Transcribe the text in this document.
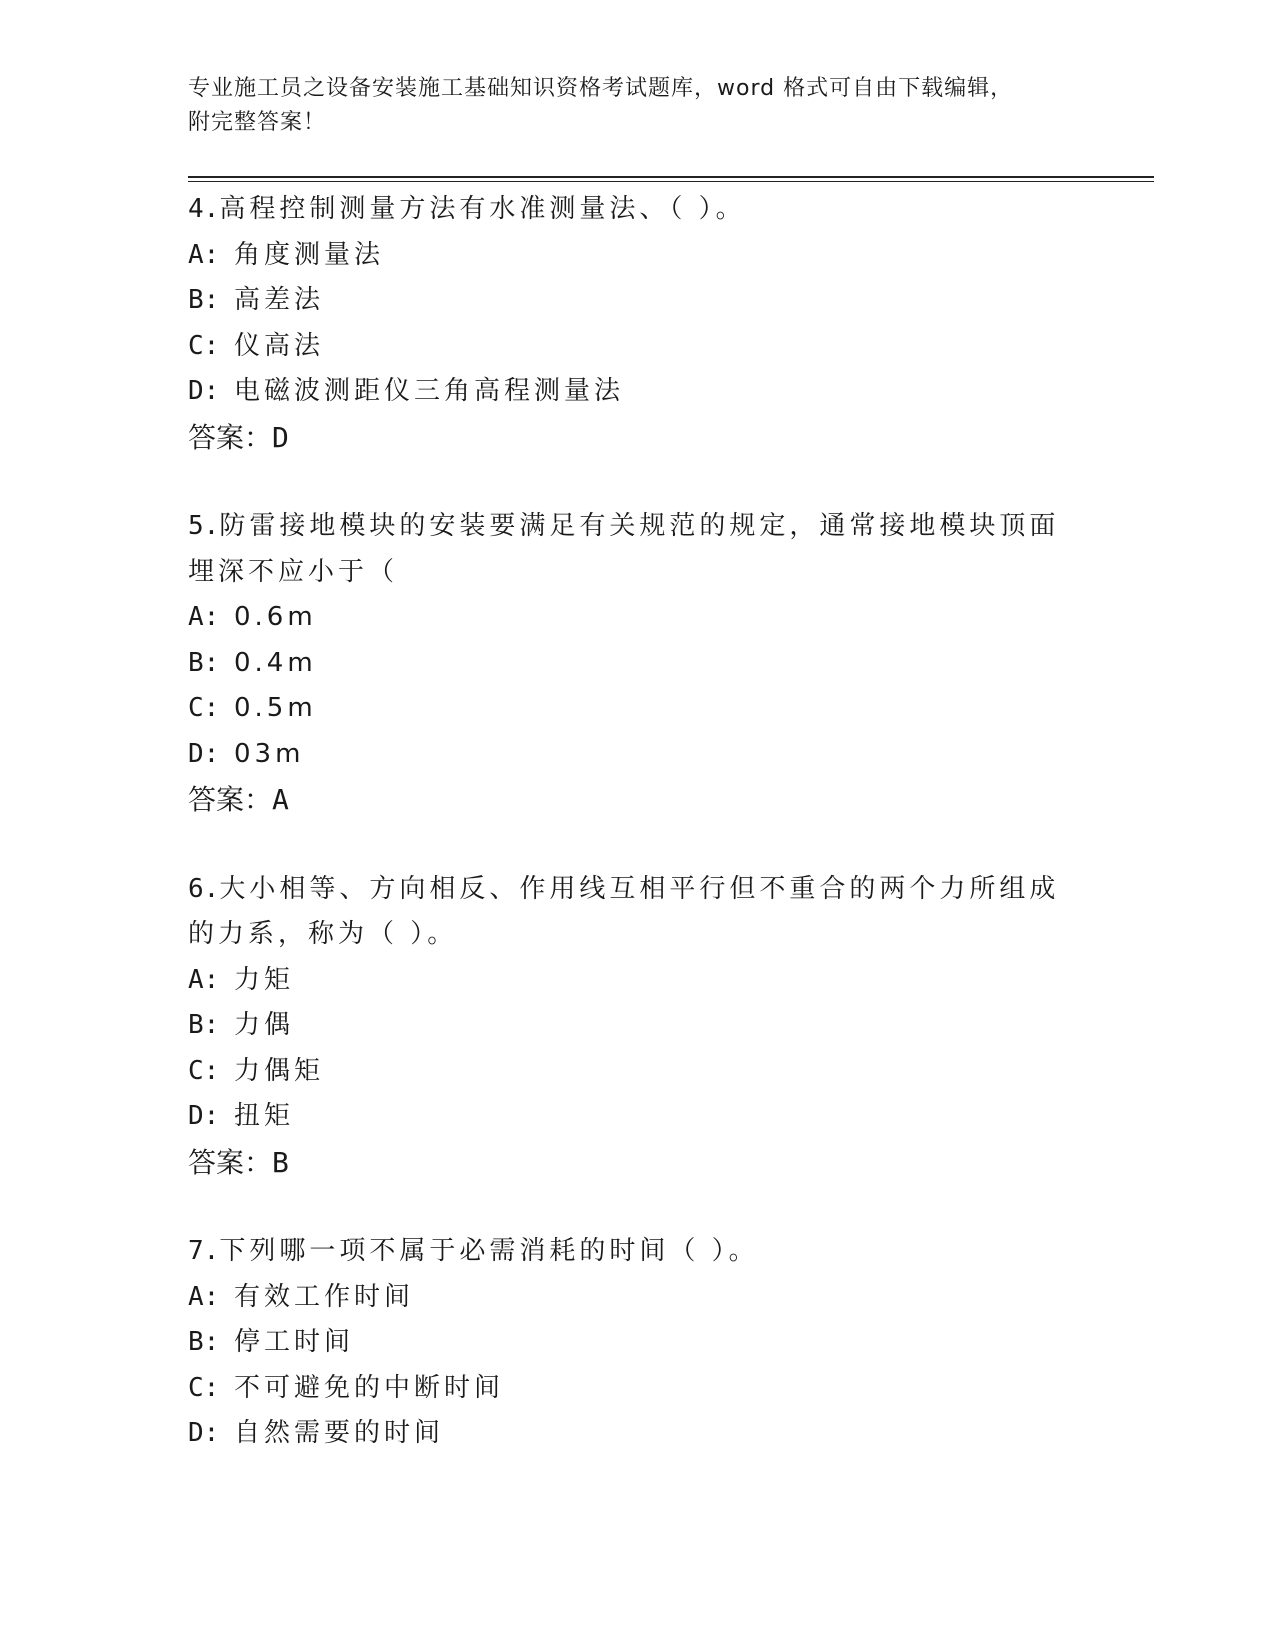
专业施工员之设备安装施工基础知识资格考试题库，word 格式可自由下载编辑，
附完整答案！

4.高程控制测量方法有水准测量法、（ ）。

A: 角度测量法

B: 高差法

C: 仪高法

D: 电磁波测距仪三角高程测量法

答案：D

5.防雷接地模块的安装要满足有关规范的规定，通常接地模块顶面埋深不应小于（

A: 0.6m

B: 0.4m

C: 0.5m

D: 03m

答案：A

6.大小相等、方向相反、作用线互相平行但不重合的两个力所组成的力系，称为（ ）。

A: 力矩

B: 力偶

C: 力偶矩

D: 扭矩

答案：B

7.下列哪一项不属于必需消耗的时间（ ）。

A: 有效工作时间

B: 停工时间

C: 不可避免的中断时间

D: 自然需要的时间
